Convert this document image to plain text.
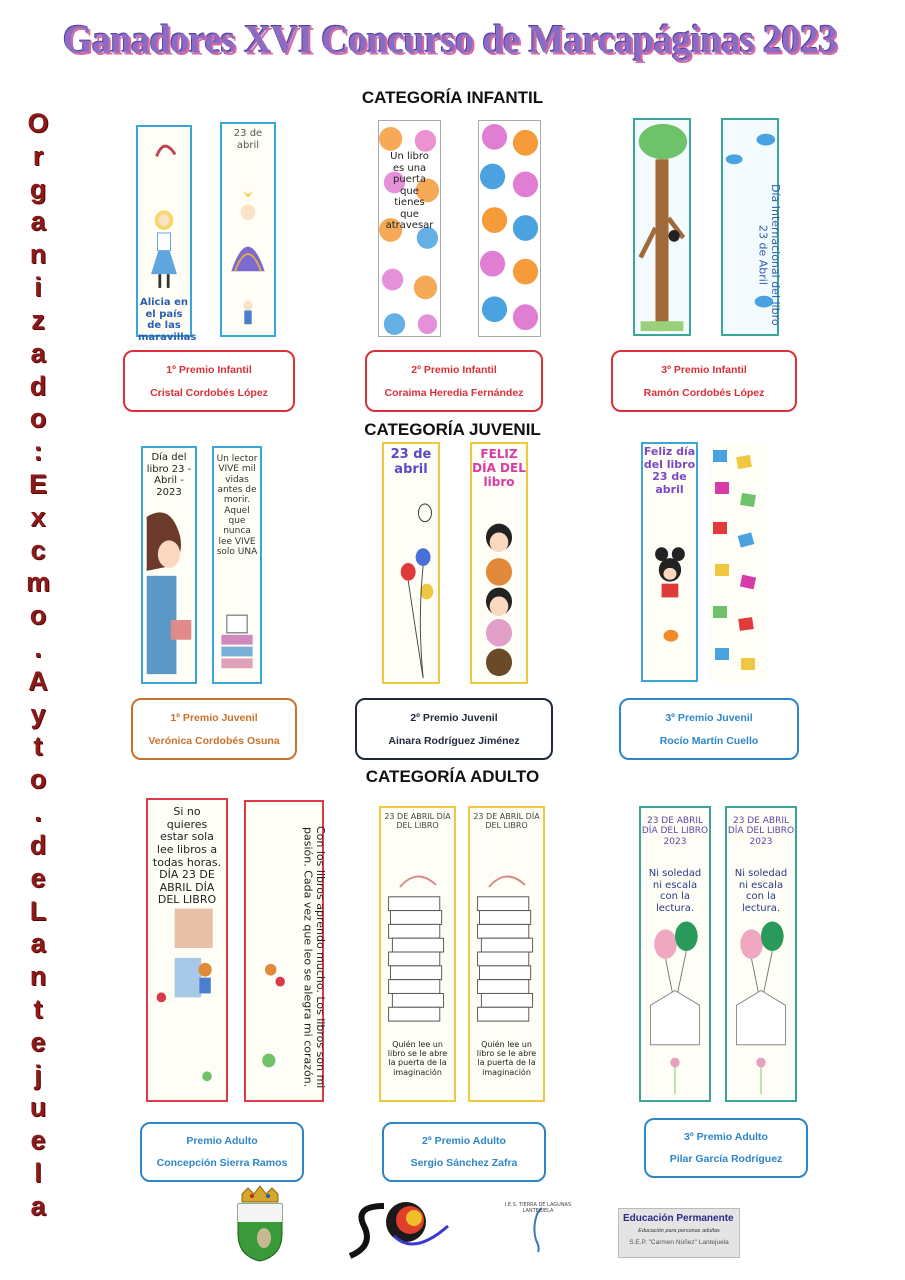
Ganadores XVI Concurso de Marcapáginas 2023
O
r
g
a
n
i
z
a
d
o
:
E
x
c
m
o
.
A
y
t
o
.
d
e
L
a
n
t
e
j
u
e
l
a
CATEGORÍA INFANTIL
Alicia en el país de las maravillas
23 de abril
1º Premio Infantil
Cristal Cordobés López
Un libro es una puerta que tienes que atravesar
2º Premio Infantil
Coraima Heredia Fernández
Día Internacional del libro 23 de Abril
3º Premio Infantil
Ramón Cordobés López
CATEGORÍA JUVENIL
Día del libro 23 - Abril - 2023
Un lector VIVE mil vidas antes de morir. Aquel que nunca lee VIVE solo UNA
1º Premio Juvenil
Verónica Cordobés Osuna
23 de abril
FELIZ DÍA DEL libro
2º Premio Juvenil
Ainara Rodríguez Jiménez
Feliz día del libro 23 de abril
3º Premio Juvenil
Rocío Martín Cuello
CATEGORÍA ADULTO
Si no quieres estar sola lee libros a todas horas. DÍA 23 DE ABRIL DÍA DEL LIBRO	Con los libros aprendo mucho. Los libros son mi pasión. Cada vez que leo se alegra mi corazón.
Premio Adulto
Concepción Sierra Ramos
23 DE ABRIL DÍA DEL LIBRO
Quién lee un libro se le abre la puerta de la imaginación
23 DE ABRIL DÍA DEL LIBRO
Quién lee un libro se le abre la puerta de la imaginación
2º Premio Adulto
Sergio Sánchez Zafra
23 DE ABRIL DÍA DEL LIBRO 2023
Ni soledad ni escala con la lectura.
23 DE ABRIL DÍA DEL LIBRO 2023
Ni soledad ni escala con la lectura.
3º Premio Adulto
Pilar García Rodríguez
I.E.S. TIERRA DE LAGUNAS LANTEJUELA
Educación Permanente
Educación para personas adultas
S.E.P. "Carmen Núñez" Lantejuela
